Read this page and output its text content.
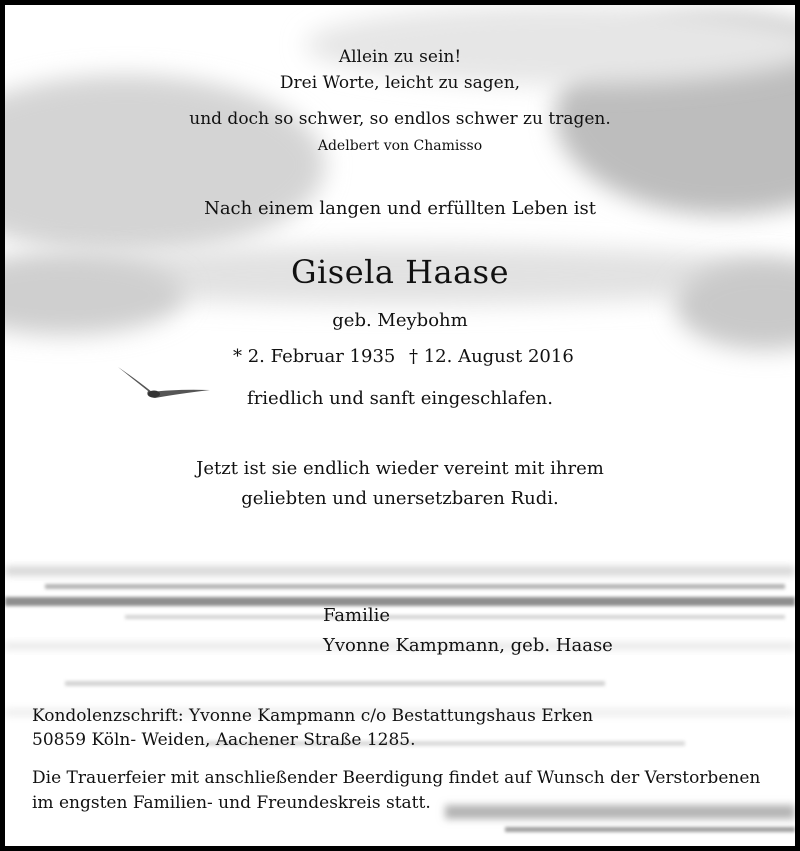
Allein zu sein!
Drei Worte, leicht zu sagen,
und doch so schwer, so endlos schwer zu tragen.
Adelbert von Chamisso
Nach einem langen und erfüllten Leben ist
Gisela Haase
geb. Meybohm
* 2. Februar 1935 † 12. August 2016
friedlich und sanft eingeschlafen.
Jetzt ist sie endlich wieder vereint mit ihrem
geliebten und unersetzbaren Rudi.
Familie
Yvonne Kampmann, geb. Haase
Kondolenzschrift: Yvonne Kampmann c/o Bestattungshaus Erken
50859 Köln- Weiden, Aachener Straße 1285.
Die Trauerfeier mit anschließender Beerdigung findet auf Wunsch der Verstorbenen
im engsten Familien- und Freundeskreis statt.
